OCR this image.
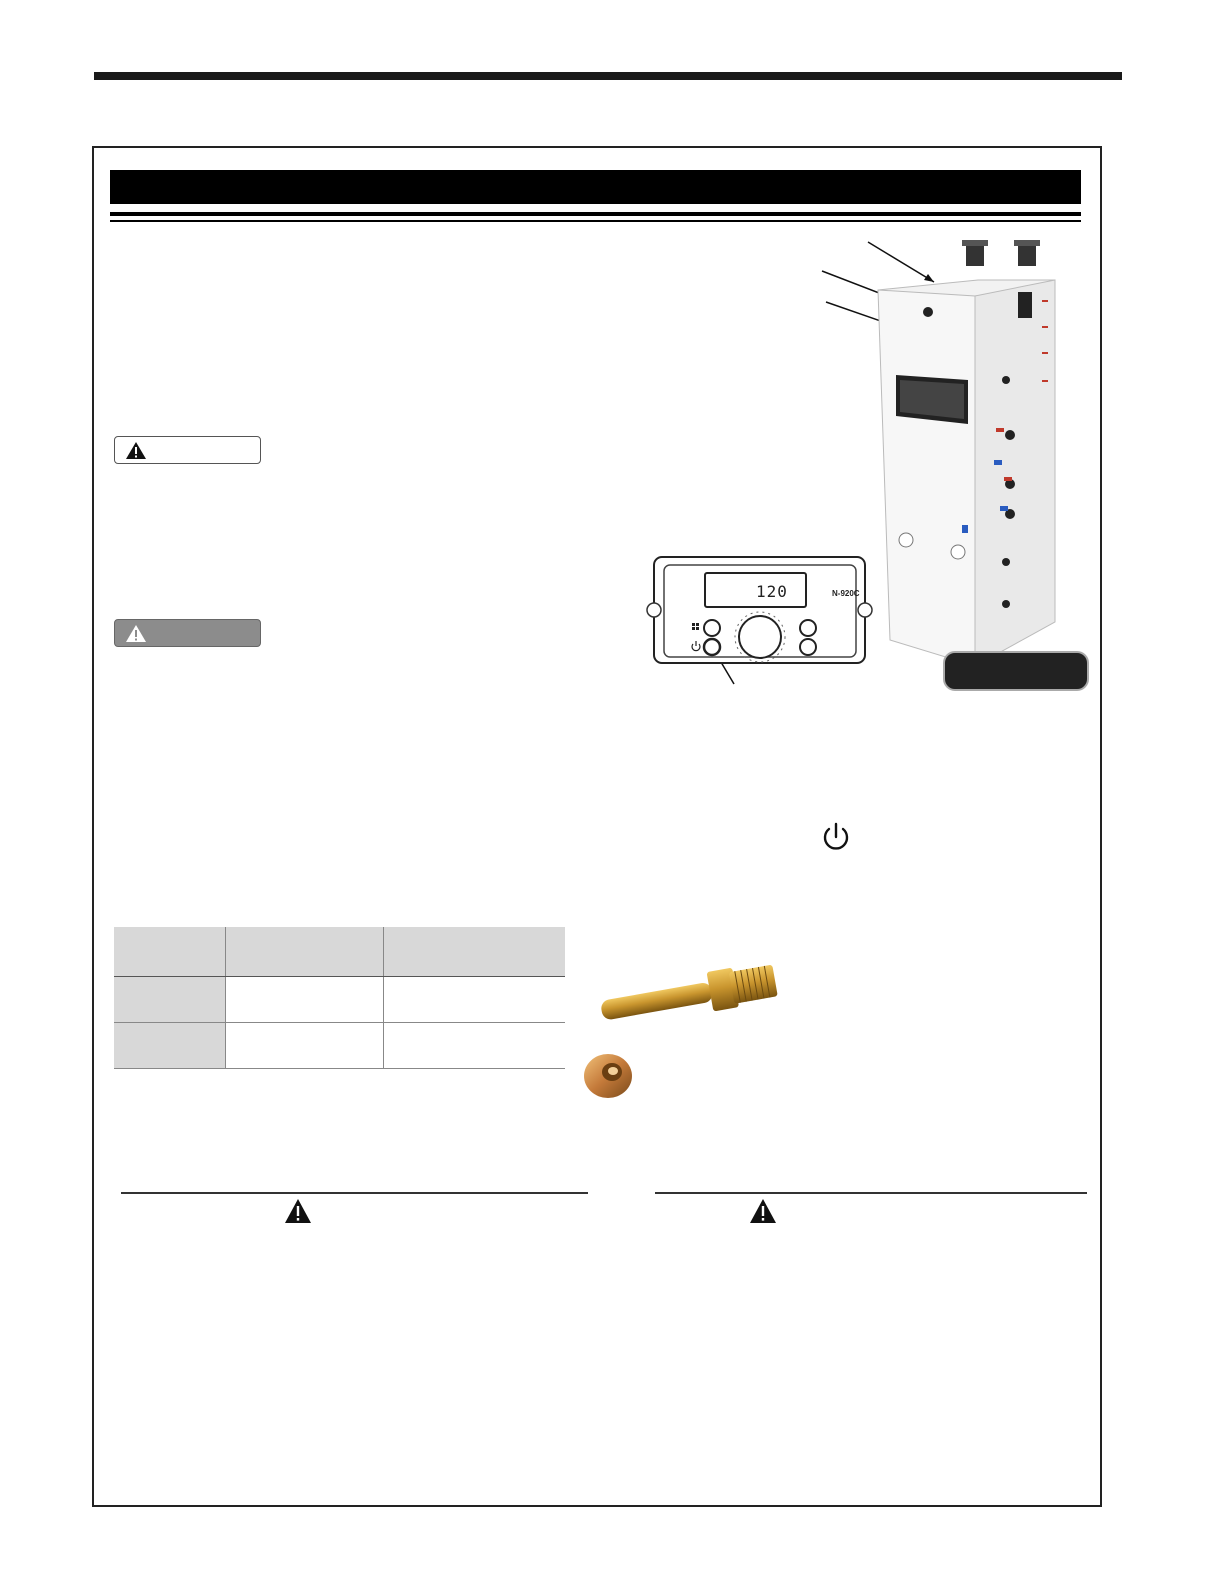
120	N-920C
